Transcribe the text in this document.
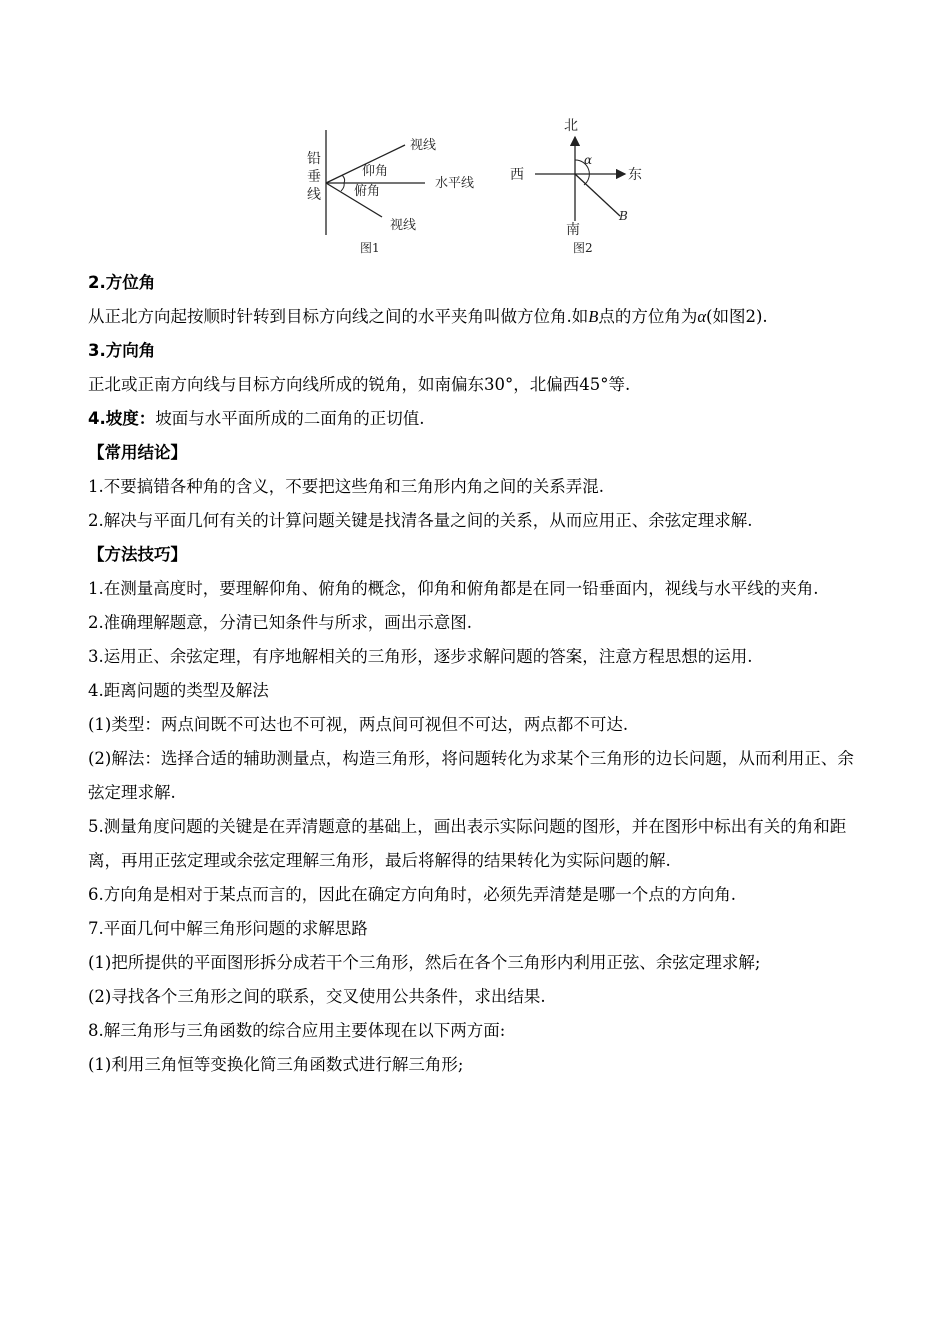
铅
垂
线
视线
仰角
俯角
水平线
视线
图1
北
西	东
南
α
B
图2

2.方位角

从正北方向起按顺时针转到目标方向线之间的水平夹角叫做方位角.如B点的方位角为α(如图2).

3.方向角

正北或正南方向线与目标方向线所成的锐角，如南偏东30°，北偏西45°等.

4.坡度：坡面与水平面所成的二面角的正切值.

【常用结论】

1.不要搞错各种角的含义，不要把这些角和三角形内角之间的关系弄混.

2.解决与平面几何有关的计算问题关键是找清各量之间的关系，从而应用正、余弦定理求解.

【方法技巧】

1.在测量高度时，要理解仰角、俯角的概念，仰角和俯角都是在同一铅垂面内，视线与水平线的夹角.

2.准确理解题意，分清已知条件与所求，画出示意图.

3.运用正、余弦定理，有序地解相关的三角形，逐步求解问题的答案，注意方程思想的运用.

4.距离问题的类型及解法

(1)类型：两点间既不可达也不可视，两点间可视但不可达，两点都不可达.

(2)解法：选择合适的辅助测量点，构造三角形，将问题转化为求某个三角形的边长问题，从而利用正、余弦定理求解.

5.测量角度问题的关键是在弄清题意的基础上，画出表示实际问题的图形，并在图形中标出有关的角和距离，再用正弦定理或余弦定理解三角形，最后将解得的结果转化为实际问题的解.

6.方向角是相对于某点而言的，因此在确定方向角时，必须先弄清楚是哪一个点的方向角.

7.平面几何中解三角形问题的求解思路

(1)把所提供的平面图形拆分成若干个三角形，然后在各个三角形内利用正弦、余弦定理求解;

(2)寻找各个三角形之间的联系，交叉使用公共条件，求出结果.

8.解三角形与三角函数的综合应用主要体现在以下两方面:

(1)利用三角恒等变换化简三角函数式进行解三角形;
